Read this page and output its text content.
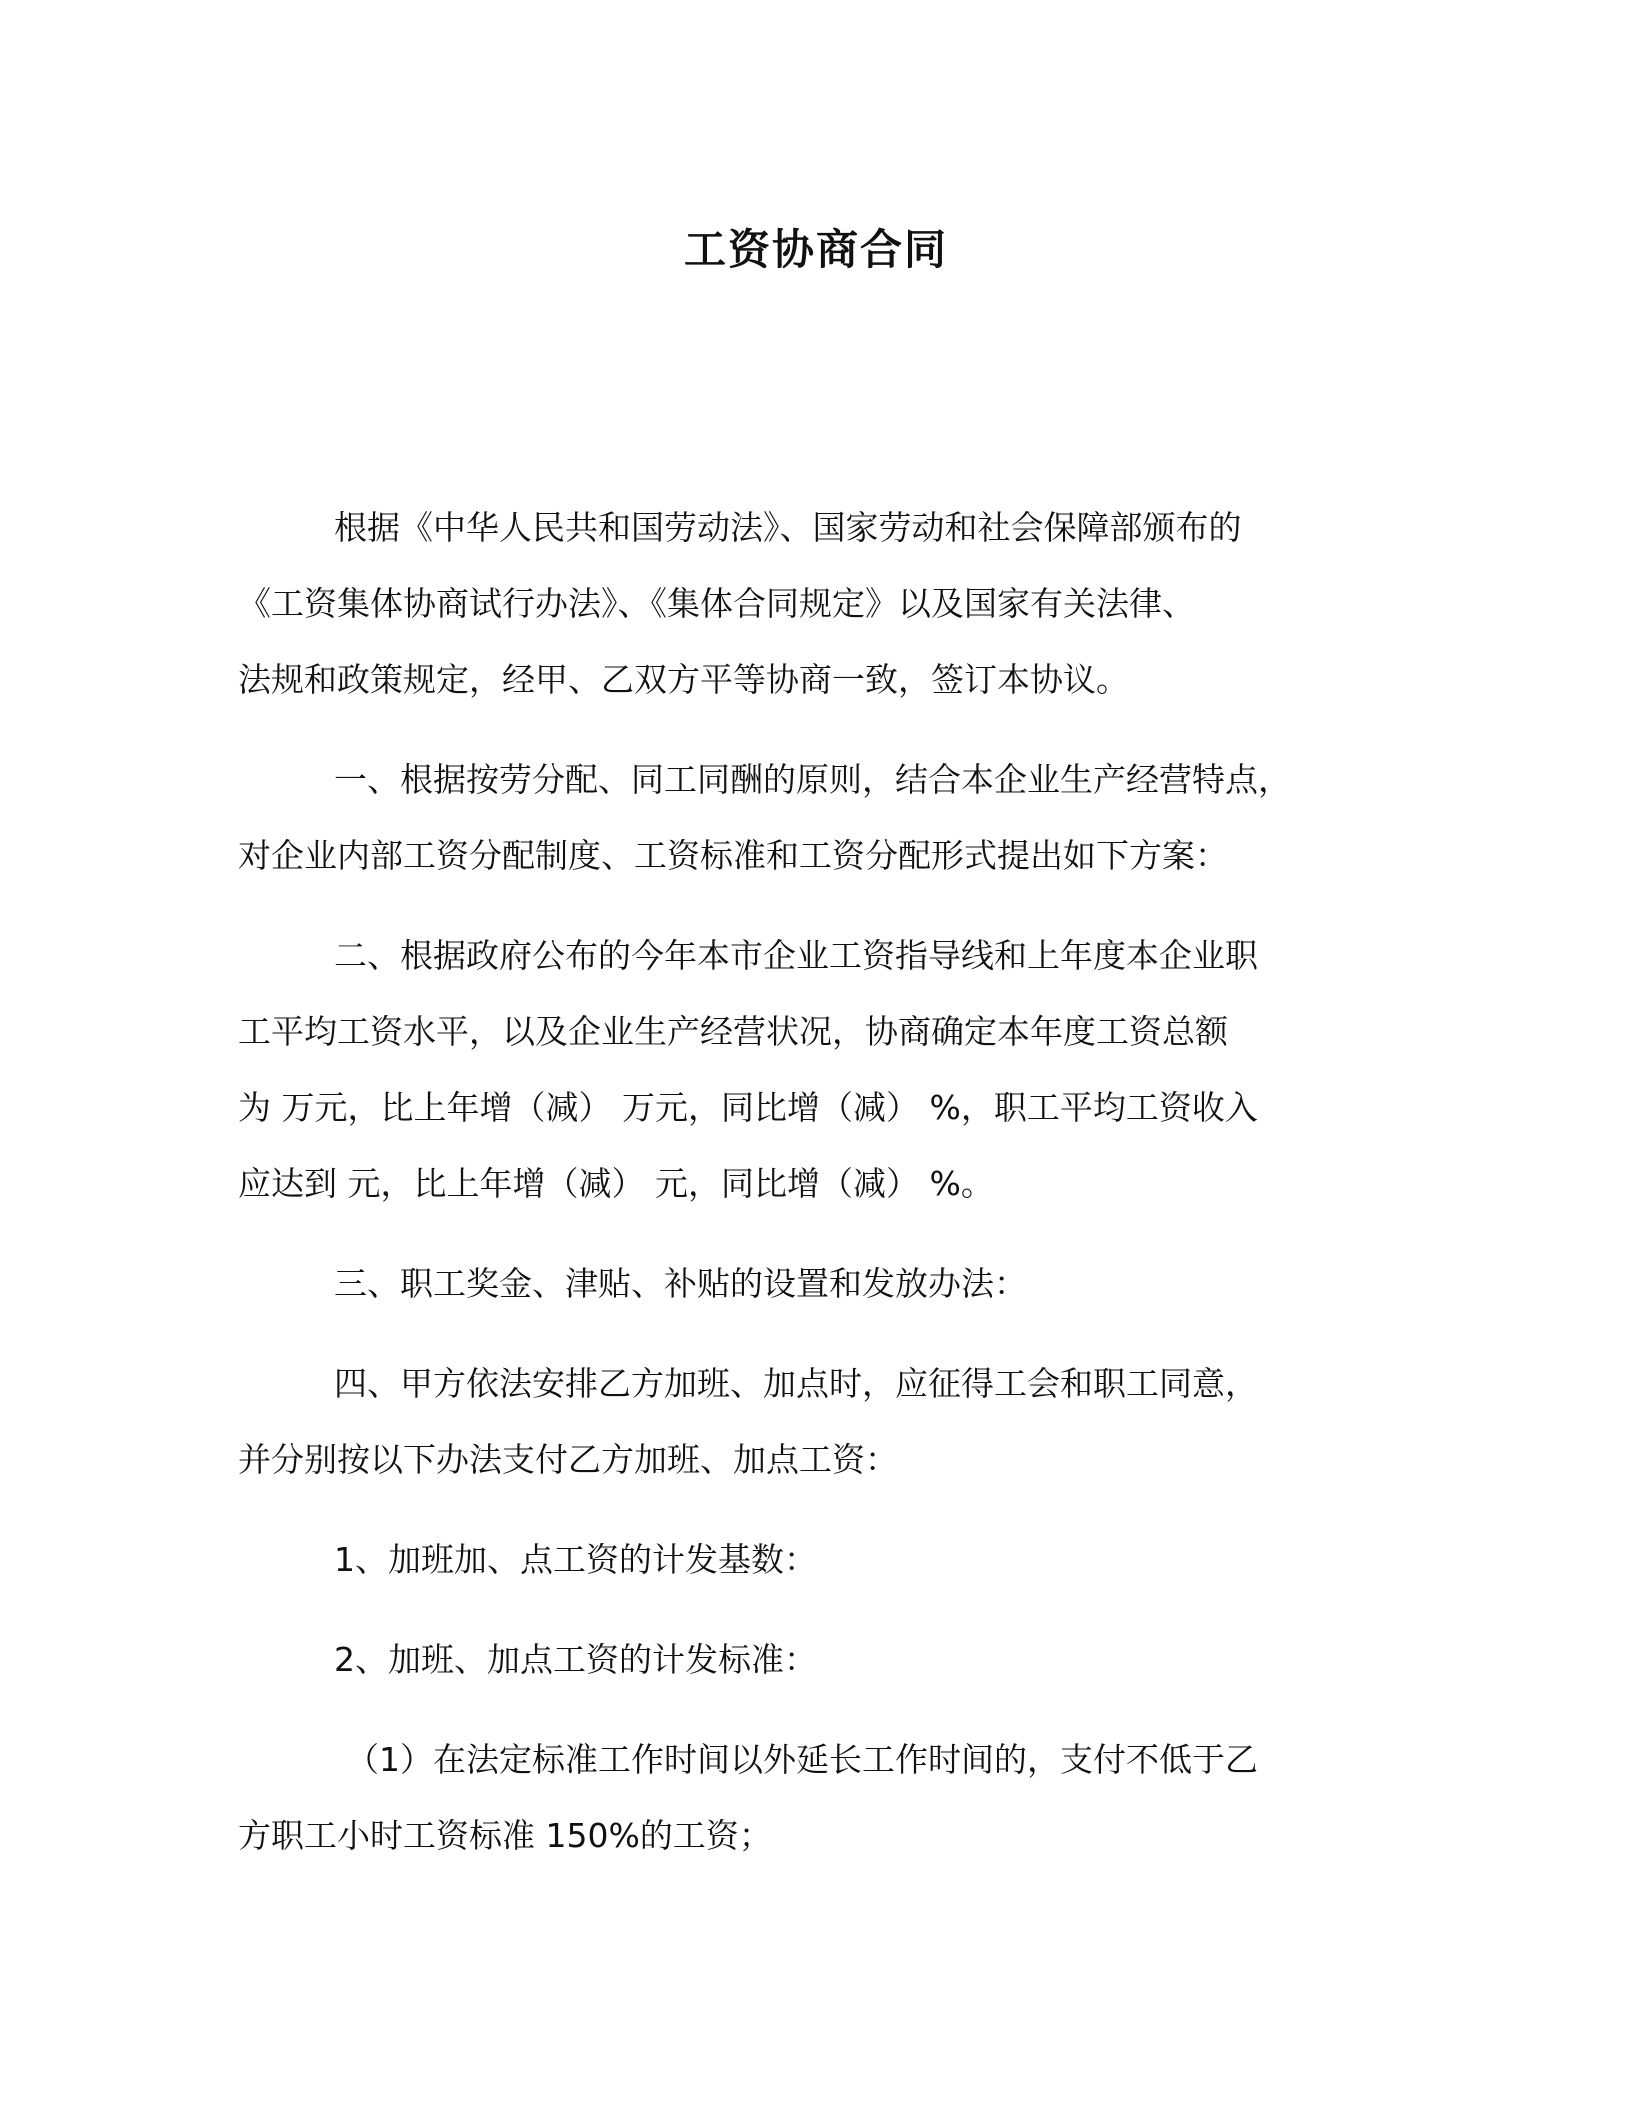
工资协商合同

根据《中华人民共和国劳动法》、国家劳动和社会保障部颁布的
《工资集体协商试行办法》、《集体合同规定》以及国家有关法律、
法规和政策规定，经甲、乙双方平等协商一致，签订本协议。

一、根据按劳分配、同工同酬的原则，结合本企业生产经营特点，
对企业内部工资分配制度、工资标准和工资分配形式提出如下方案：

二、根据政府公布的今年本市企业工资指导线和上年度本企业职
工平均工资水平，以及企业生产经营状况，协商确定本年度工资总额
为 万元，比上年增（减） 万元，同比增（减） %，职工平均工资收入
应达到 元，比上年增（减） 元，同比增（减） %。

三、职工奖金、津贴、补贴的设置和发放办法：

四、甲方依法安排乙方加班、加点时，应征得工会和职工同意，
并分别按以下办法支付乙方加班、加点工资：

1、加班加、点工资的计发基数：

2、加班、加点工资的计发标准：

（1）在法定标准工作时间以外延长工作时间的，支付不低于乙
方职工小时工资标准 150%的工资；
